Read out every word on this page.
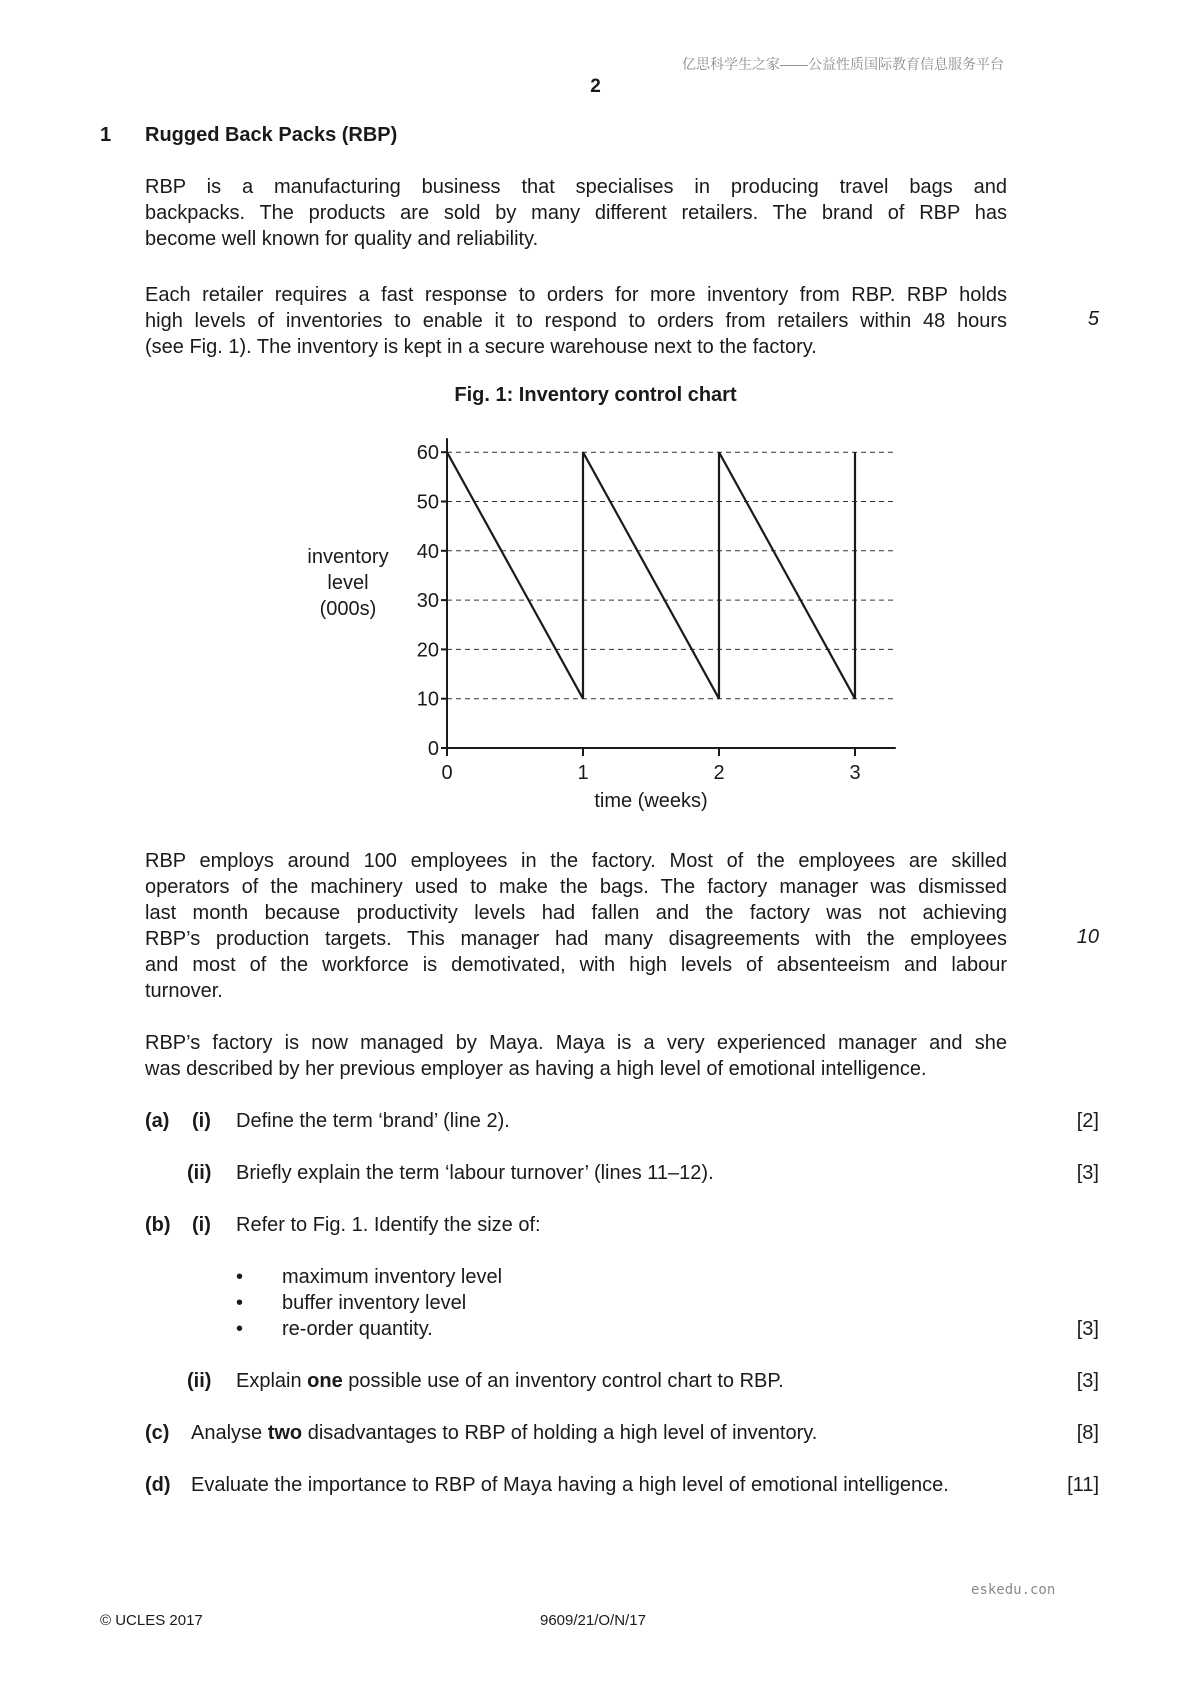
亿思科学生之家——公益性质国际教育信息服务平台
2
1 Rugged Back Packs (RBP)
RBP is a manufacturing business that specialises in producing travel bags and
backpacks. The products are sold by many different retailers. The brand of RBP has
become well known for quality and reliability.
Each retailer requires a fast response to orders for more inventory from RBP. RBP holds
high levels of inventories to enable it to respond to orders from retailers within 48 hours
(see Fig. 1). The inventory is kept in a secure warehouse next to the factory.
5
Fig. 1: Inventory control chart
0
10
20
30
40
50
60
0	1	2	3
time (weeks)
inventory
level
(000s)
RBP employs around 100 employees in the factory. Most of the employees are skilled
operators of the machinery used to make the bags. The factory manager was dismissed
last month because productivity levels had fallen and the factory was not achieving
RBP’s production targets. This manager had many disagreements with the employees
and most of the workforce is demotivated, with high levels of absenteeism and labour
turnover.
10
RBP’s factory is now managed by Maya. Maya is a very experienced manager and she
was described by her previous employer as having a high level of emotional intelligence.
(a) (i) Define the term ‘brand’ (line 2).	[2]
(ii) Briefly explain the term ‘labour turnover’ (lines 11–12).	[3]
(b) (i) Refer to Fig. 1. Identify the size of:
• maximum inventory level
• buffer inventory level
• re-order quantity.	[3]
(ii) Explain one possible use of an inventory control chart to RBP.	[3]
(c) Analyse two disadvantages to RBP of holding a high level of inventory.	[8]
(d) Evaluate the importance to RBP of Maya having a high level of emotional intelligence.	[11]
eskedu.con
© UCLES 2017	9609/21/O/N/17
